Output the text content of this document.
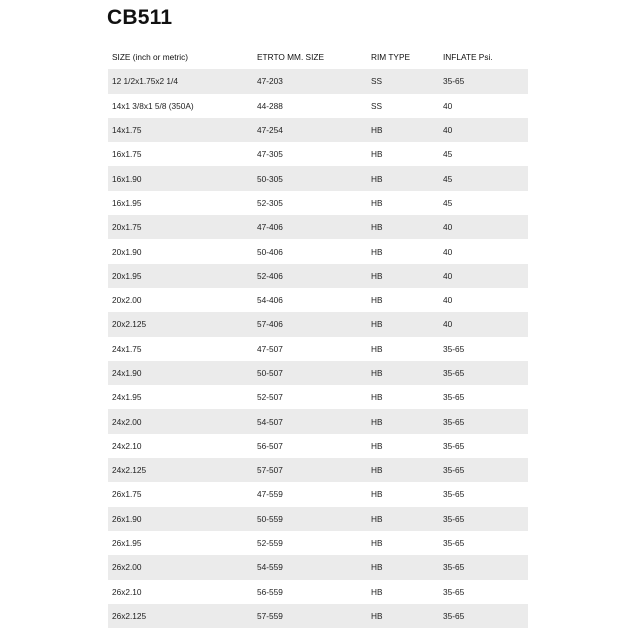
CB511
SIZE (inch or metric)	ETRTO MM. SIZE	RIM TYPE	INFLATE Psi.
12 1/2x1.75x2 1/4	47-203	SS	35-65
14x1 3/8x1 5/8 (350A)	44-288	SS	40
14x1.75	47-254	HB	40
16x1.75	47-305	HB	45
16x1.90	50-305	HB	45
16x1.95	52-305	HB	45
20x1.75	47-406	HB	40
20x1.90	50-406	HB	40
20x1.95	52-406	HB	40
20x2.00	54-406	HB	40
20x2.125	57-406	HB	40
24x1.75	47-507	HB	35-65
24x1.90	50-507	HB	35-65
24x1.95	52-507	HB	35-65
24x2.00	54-507	HB	35-65
24x2.10	56-507	HB	35-65
24x2.125	57-507	HB	35-65
26x1.75	47-559	HB	35-65
26x1.90	50-559	HB	35-65
26x1.95	52-559	HB	35-65
26x2.00	54-559	HB	35-65
26x2.10	56-559	HB	35-65
26x2.125	57-559	HB	35-65
